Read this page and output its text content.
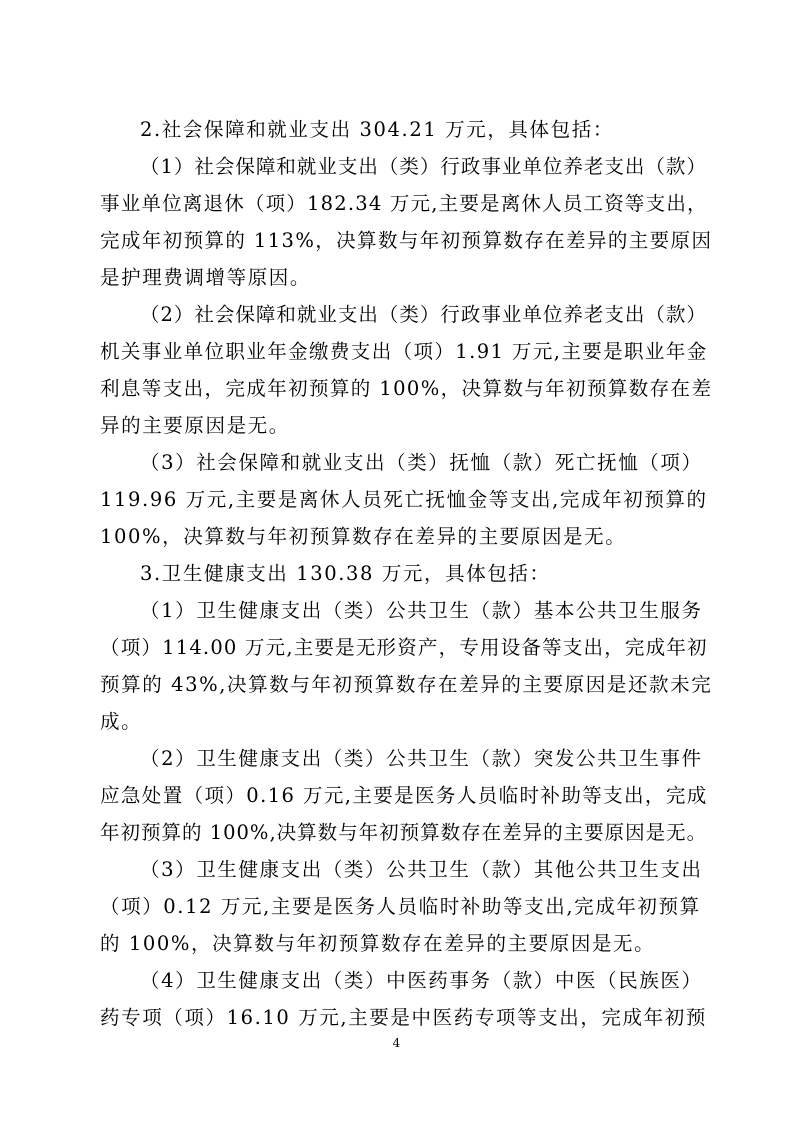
2.社会保障和就业支出 304.21 万元，具体包括：
（1）社会保障和就业支出（类）行政事业单位养老支出（款）
事业单位离退休（项）182.34 万元,主要是离休人员工资等支出，
完成年初预算的 113%，决算数与年初预算数存在差异的主要原因
是护理费调增等原因。
（2）社会保障和就业支出（类）行政事业单位养老支出（款）
机关事业单位职业年金缴费支出（项）1.91 万元,主要是职业年金
利息等支出，完成年初预算的 100%，决算数与年初预算数存在差
异的主要原因是无。
（3）社会保障和就业支出（类）抚恤（款）死亡抚恤（项）
119.96 万元,主要是离休人员死亡抚恤金等支出,完成年初预算的
100%，决算数与年初预算数存在差异的主要原因是无。
3.卫生健康支出 130.38 万元，具体包括：
（1）卫生健康支出（类）公共卫生（款）基本公共卫生服务
（项）114.00 万元,主要是无形资产，专用设备等支出，完成年初
预算的 43%,决算数与年初预算数存在差异的主要原因是还款未完
成。
（2）卫生健康支出（类）公共卫生（款）突发公共卫生事件
应急处置（项）0.16 万元,主要是医务人员临时补助等支出，完成
年初预算的 100%,决算数与年初预算数存在差异的主要原因是无。
（3）卫生健康支出（类）公共卫生（款）其他公共卫生支出
（项）0.12 万元,主要是医务人员临时补助等支出,完成年初预算
的 100%，决算数与年初预算数存在差异的主要原因是无。
（4）卫生健康支出（类）中医药事务（款）中医（民族医）
药专项（项）16.10 万元,主要是中医药专项等支出，完成年初预
4
